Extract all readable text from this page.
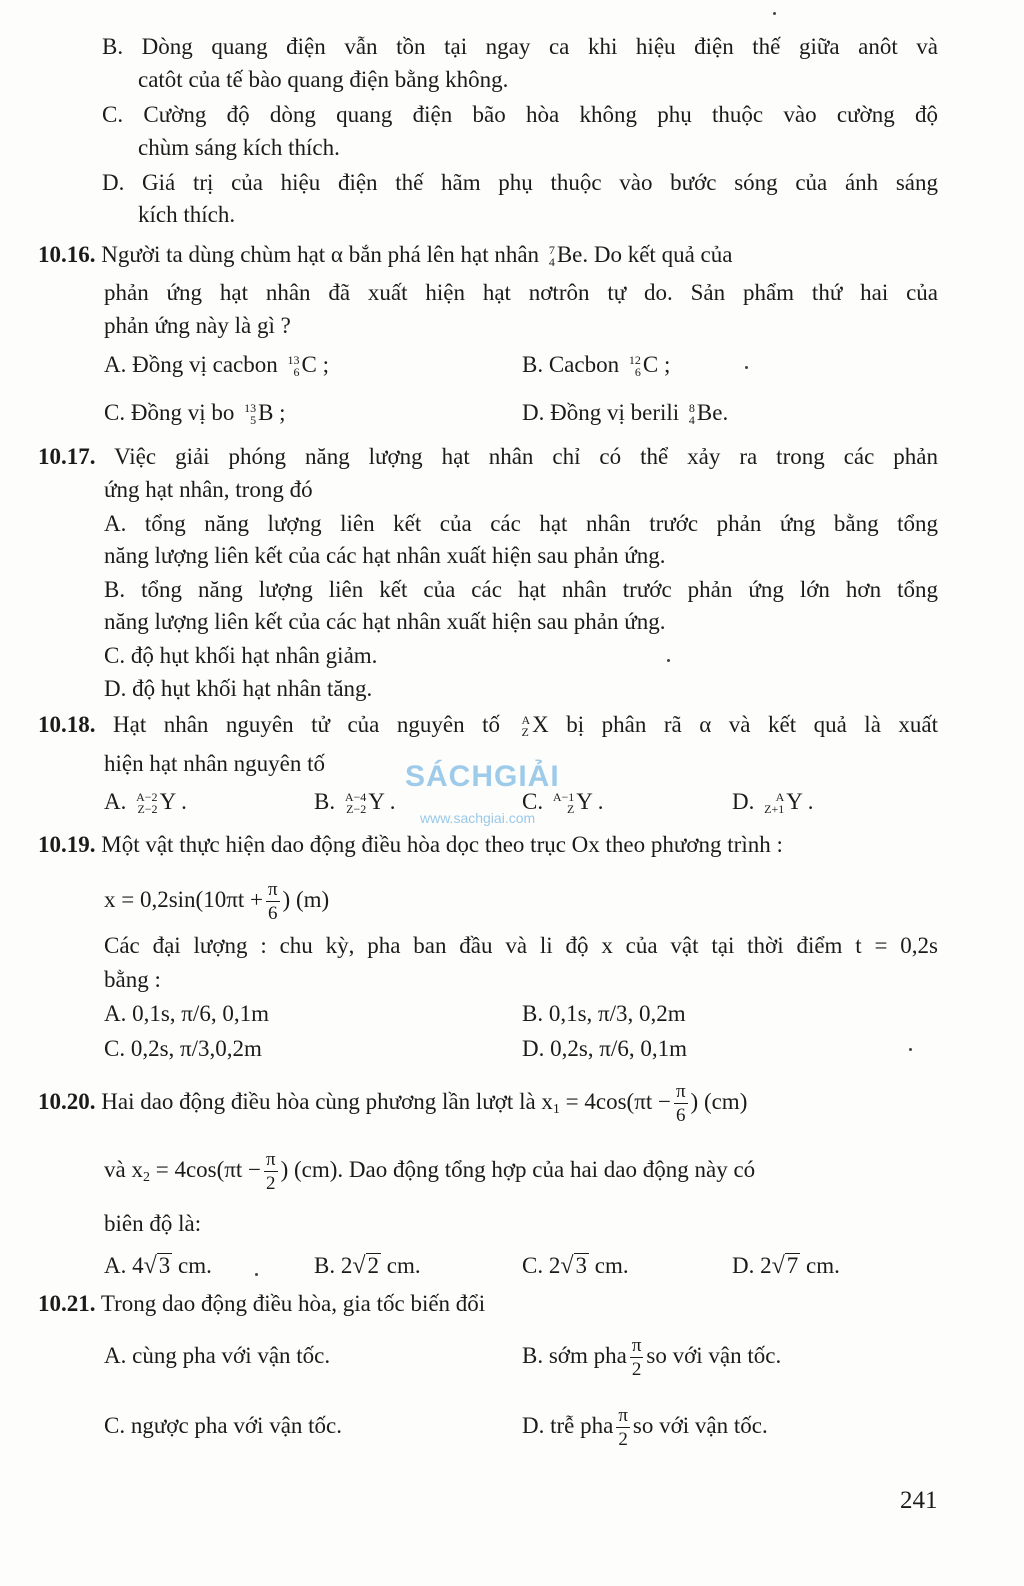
B. Dòng quang điện vẫn tồn tại ngay ca khi hiệu điện thế giữa anôt và
catôt của tế bào quang điện bằng không.
C. Cường độ dòng quang điện bão hòa không phụ thuộc vào cường độ
chùm sáng kích thích.
D. Giá trị của hiệu điện thế hãm phụ thuộc vào bước sóng của ánh sáng
kích thích.
10.16. Người ta dùng chùm hạt α bắn phá lên hạt nhân 7
4 Be. Do kết quả của
phản ứng hạt nhân đã xuất hiện hạt nơtrôn tự do. Sản phẩm thứ hai của
phản ứng này là gì ?
A. Đồng vị cacbon 13
6 C ;	B. Cacbon 12
6 C ;
C. Đồng vị bo 13
5 B ;	D. Đồng vị berili 8
4 Be.
10.17. Việc giải phóng năng lượng hạt nhân chỉ có thể xảy ra trong các phản
ứng hạt nhân, trong đó
A. tổng năng lượng liên kết của các hạt nhân trước phản ứng bằng tổng
năng lượng liên kết của các hạt nhân xuất hiện sau phản ứng.
B. tổng năng lượng liên kết của các hạt nhân trước phản ứng lớn hơn tổng
năng lượng liên kết của các hạt nhân xuất hiện sau phản ứng.
C. độ hụt khối hạt nhân giảm.
D. độ hụt khối hạt nhân tăng.
SÁCHGIẢI
www.sachgiai.com
10.18. Hạt nhân nguyên tử của nguyên tố A
Z X bị phân rã α và kết quả là xuất
hiện hạt nhân nguyên tố
A. A−2
Z−2 Y .	B. A−4
Z−2 Y .	C. A−1
Z Y .	D.	A
Z+1 Y .
10.19. Một vật thực hiện dao động điều hòa dọc theo trục Ox theo phương trình :
$x = 0,2\sin(10\pi t + \frac{\pi}{6}$ ) (m)
Các đại lượng : chu kỳ, pha ban đầu và li độ x của vật tại thời điểm t = 0,2s
bằng :
A. 0,1s, π/6, 0,1m	B. 0,1s, π/3, 0,2m
C. 0,2s, π/3,0,2m	D. 0,2s, π/6, 0,1m
10.20. Hai dao động điều hòa cùng phương lần lượt là $x_1 = 4\cos(\pi t - \frac{\pi}{6}$ ) (cm)
và $x_2 = 4\cos(\pi t - \frac{\pi}{2}$ ) (cm). Dao động tổng hợp của hai dao động này có
biên độ là:
A. 4√3 cm.	B. 2√2 cm.	C. 2√3 cm.	D. 2√7 cm.
10.21. Trong dao động điều hòa, gia tốc biến đổi
A. cùng pha với vận tốc.	B. sớm pha $\frac{\pi}{2}$ so với vận tốc.
C. ngược pha với vận tốc.	D. trễ pha $\frac{\pi}{2}$ so với vận tốc.
241
